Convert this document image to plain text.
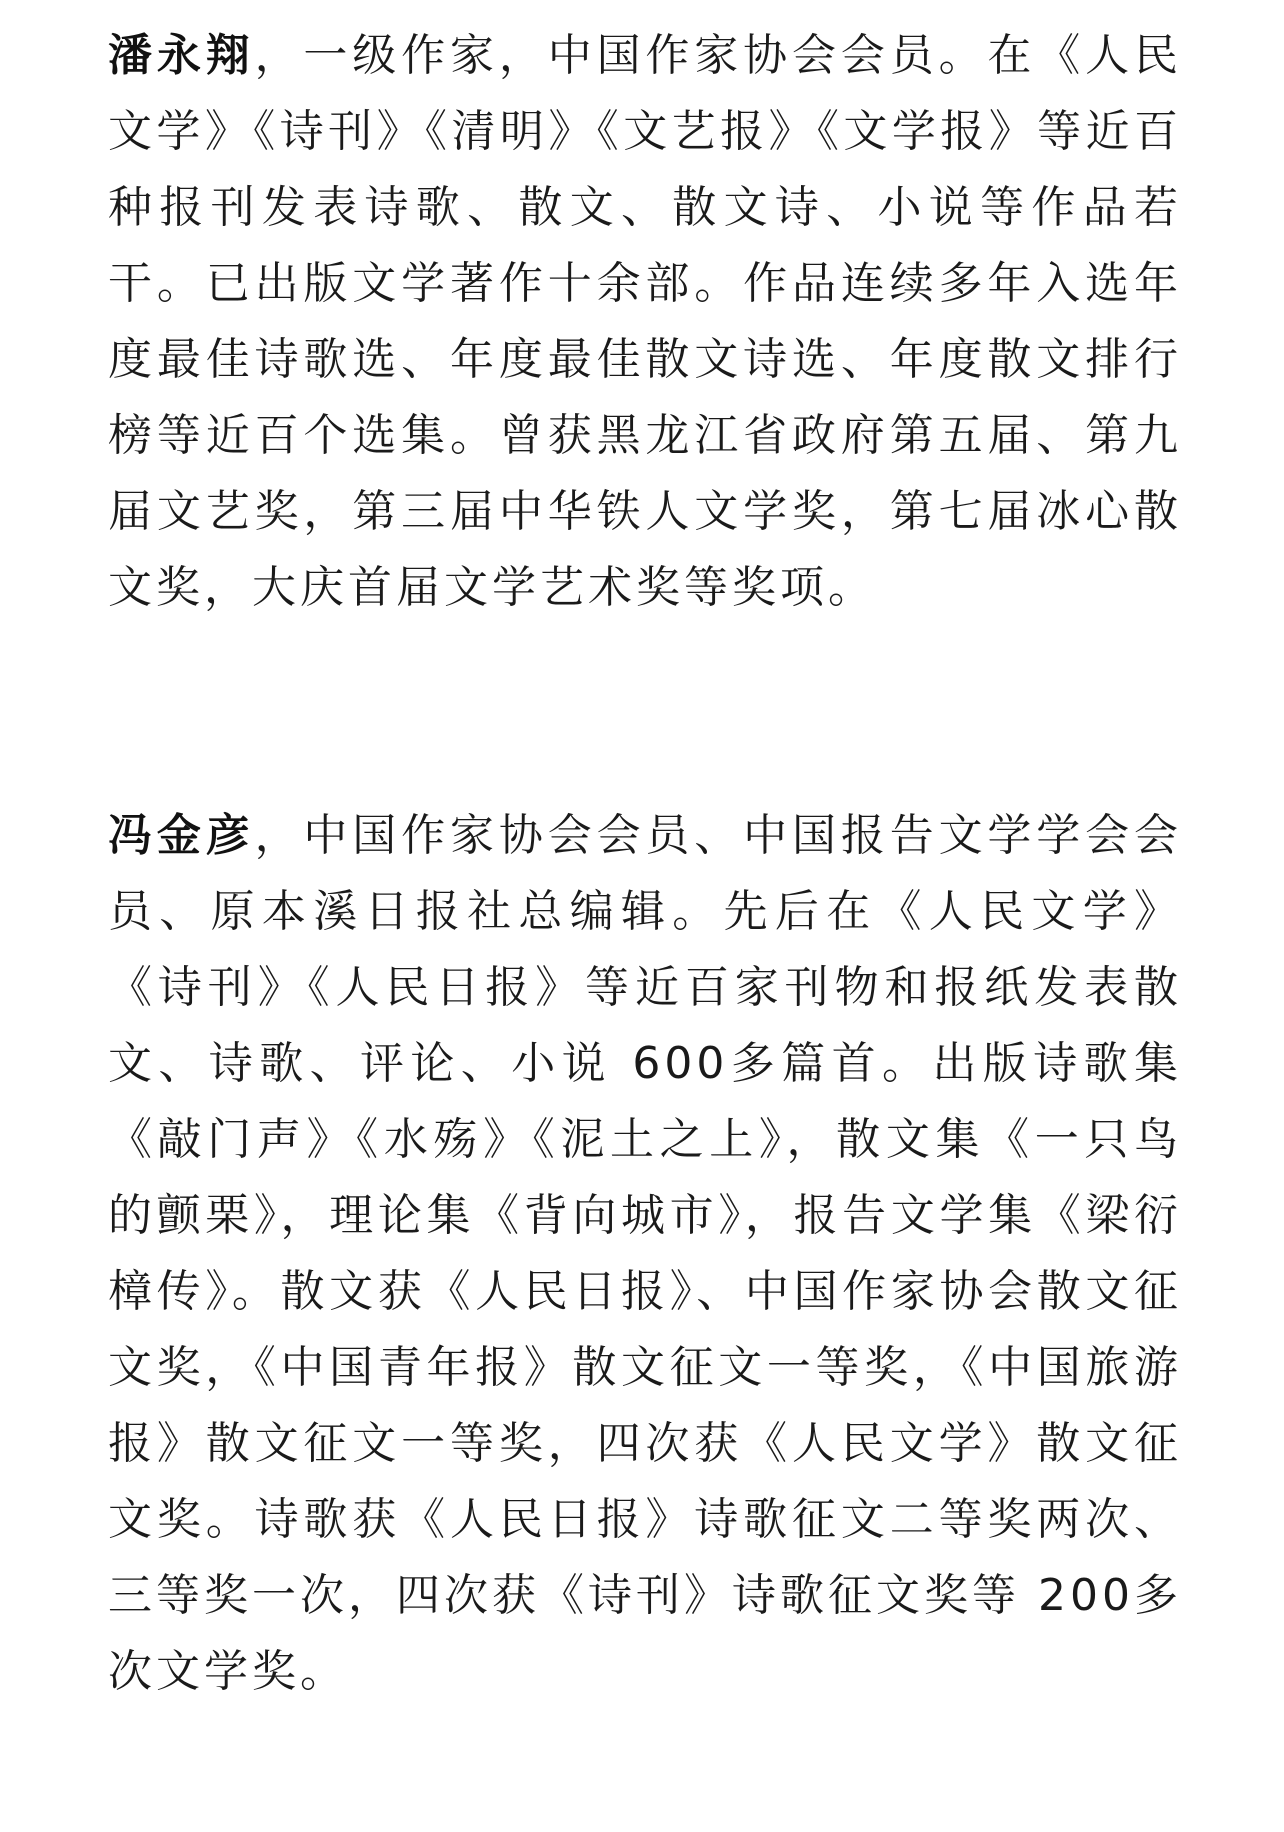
潘永翔，一级作家，中国作家协会会员。在《人民文学》《诗刊》《清明》《文艺报》《文学报》等近百种报刊发表诗歌、散文、散文诗、小说等作品若干。已出版文学著作十余部。作品连续多年入选年度最佳诗歌选、年度最佳散文诗选、年度散文排行榜等近百个选集。曾获黑龙江省政府第五届、第九届文艺奖，第三届中华铁人文学奖，第七届冰心散文奖，大庆首届文学艺术奖等奖项。

冯金彦，中国作家协会会员、中国报告文学学会会员、原本溪日报社总编辑。先后在《人民文学》《诗刊》《人民日报》等近百家刊物和报纸发表散文、诗歌、评论、小说 600多篇首。出版诗歌集《敲门声》《水殇》《泥土之上》，散文集《一只鸟的颤栗》，理论集《背向城市》，报告文学集《梁衍樟传》。散文获《人民日报》、中国作家协会散文征文奖，《中国青年报》散文征文一等奖，《中国旅游报》散文征文一等奖，四次获《人民文学》散文征文奖。诗歌获《人民日报》诗歌征文二等奖两次、三等奖一次，四次获《诗刊》诗歌征文奖等 200多次文学奖。
